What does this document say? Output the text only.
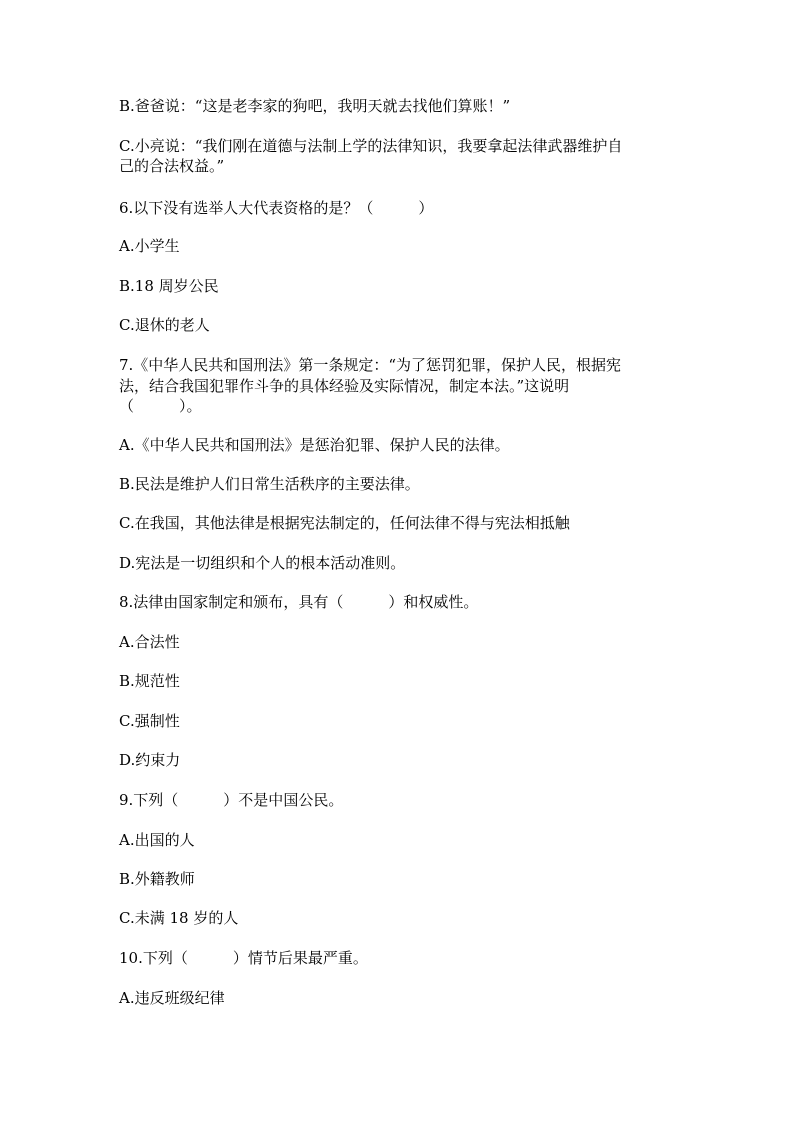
B.爸爸说：“这是老李家的狗吧，我明天就去找他们算账！”
C.小亮说：“我们刚在道德与法制上学的法律知识，我要拿起法律武器维护自
己的合法权益。”
6.以下没有选举人大代表资格的是？（　　　）
A.小学生
B.18 周岁公民
C.退休的老人
7.《中华人民共和国刑法》第一条规定：“为了惩罚犯罪，保护人民，根据宪
法，结合我国犯罪作斗争的具体经验及实际情况，制定本法。”这说明
（　　　）。
A.《中华人民共和国刑法》是惩治犯罪、保护人民的法律。
B.民法是维护人们日常生活秩序的主要法律。
C.在我国，其他法律是根据宪法制定的，任何法律不得与宪法相抵触
D.宪法是一切组织和个人的根本活动准则。
8.法律由国家制定和颁布，具有（　　　）和权威性。
A.合法性
B.规范性
C.强制性
D.约束力
9.下列（　　　）不是中国公民。
A.出国的人
B.外籍教师
C.未满 18 岁的人
10.下列（　　　）情节后果最严重。
A.违反班级纪律
